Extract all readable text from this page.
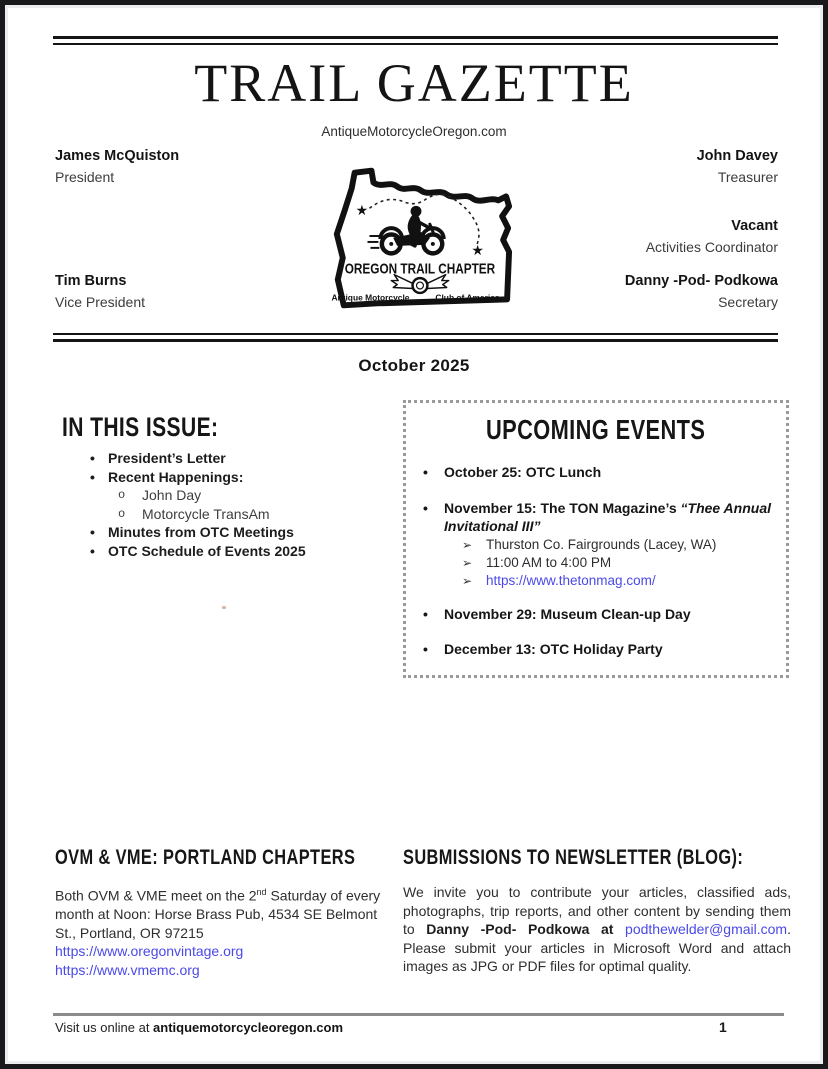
TRAIL GAZETTE
AntiqueMotorcycleOregon.com
James McQuiston
President
Tim Burns
Vice President
John Davey
Treasurer
Vacant
Activities Coordinator
Danny -Pod- Podkowa
Secretary
★
★
OREGON TRAIL CHAPTER
Antique Motorcycle	Club of America
October 2025
IN THIS ISSUE:
• President’s Letter
• Recent Happenings:
o	John Day
o	Motorcycle TransAm
• Minutes from OTC Meetings
• OTC Schedule of Events 2025
UPCOMING EVENTS
•	October 25: OTC Lunch
•	November 15: The TON Magazine’s “Thee Annual Invitational III”
➢	Thurston Co. Fairgrounds (Lacey, WA)
➢	11:00 AM to 4:00 PM
➢	https://www.thetonmag.com/
•	November 29: Museum Clean-up Day
•	December 13: OTC Holiday Party
OVM & VME: PORTLAND CHAPTERS
Both OVM & VME meet on the 2nd Saturday of every month at Noon: Horse Brass Pub, 4534 SE Belmont St., Portland, OR 97215
https://www.oregonvintage.org
https://www.vmemc.org
SUBMISSIONS TO NEWSLETTER (BLOG):
We invite you to contribute your articles, classified ads, photographs, trip reports, and other content by sending them to Danny -Pod- Podkowa at podthewelder@gmail.com. Please submit your articles in Microsoft Word and attach images as JPG or PDF files for optimal quality.
Visit us online at antiquemotorcycleoregon.com	1
